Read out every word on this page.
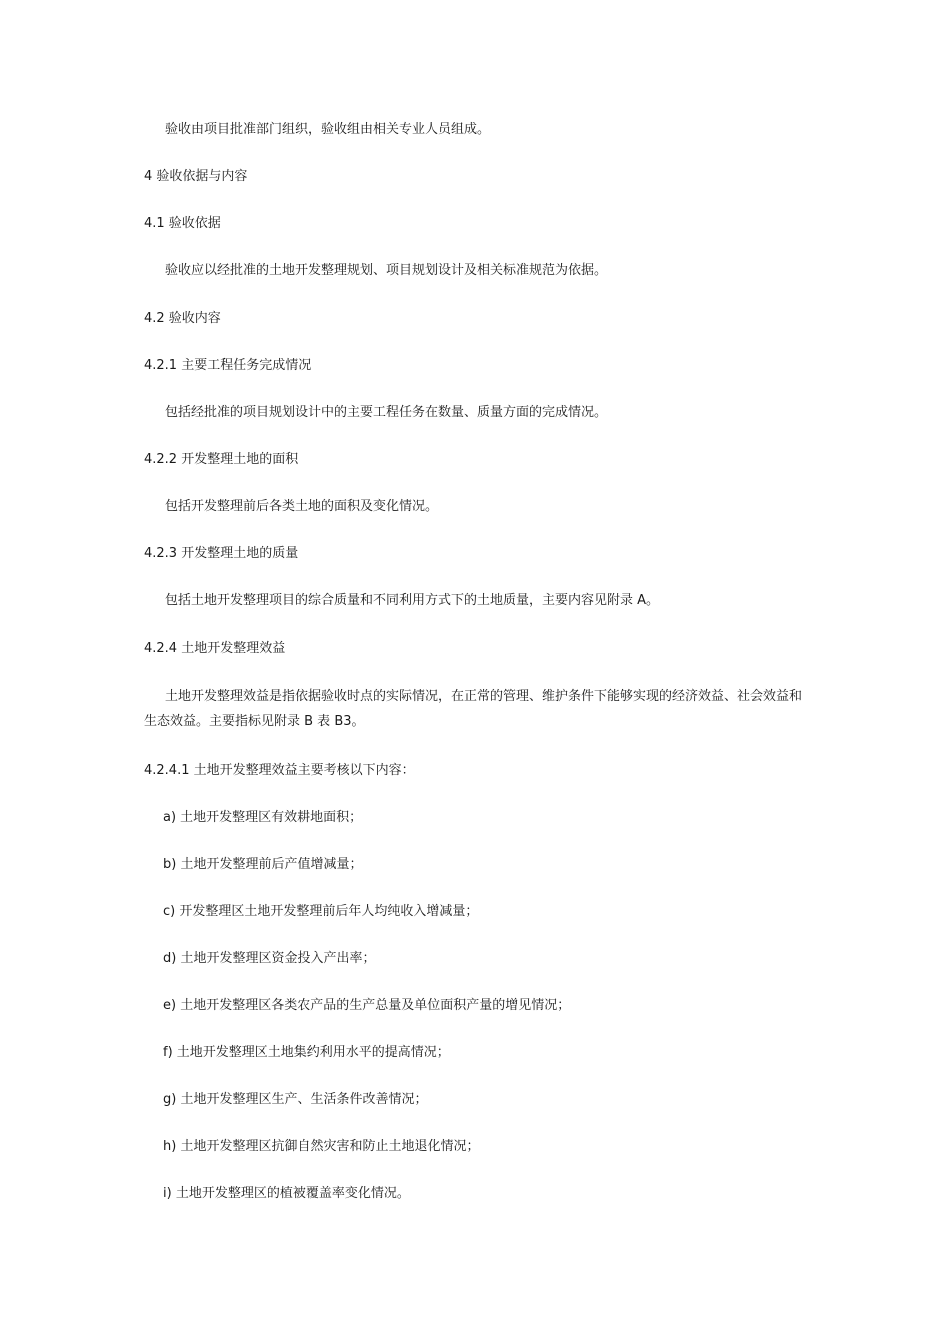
验收由项目批准部门组织，验收组由相关专业人员组成。

4 验收依据与内容

4.1 验收依据

验收应以经批准的土地开发整理规划、项目规划设计及相关标准规范为依据。

4.2 验收内容

4.2.1 主要工程任务完成情况

包括经批准的项目规划设计中的主要工程任务在数量、质量方面的完成情况。

4.2.2 开发整理土地的面积

包括开发整理前后各类土地的面积及变化情况。

4.2.3 开发整理土地的质量

包括土地开发整理项目的综合质量和不同利用方式下的土地质量，主要内容见附录 A。

4.2.4 土地开发整理效益

土地开发整理效益是指依据验收时点的实际情况，在正常的管理、维护条件下能够实现的经济效益、社会效益和生态效益。主要指标见附录 B 表 B3。

4.2.4.1 土地开发整理效益主要考核以下内容：

a) 土地开发整理区有效耕地面积；

b) 土地开发整理前后产值增减量；

c) 开发整理区土地开发整理前后年人均纯收入增减量；

d) 土地开发整理区资金投入产出率；

e) 土地开发整理区各类农产品的生产总量及单位面积产量的增见情况；

f) 土地开发整理区土地集约利用水平的提高情况；

g) 土地开发整理区生产、生活条件改善情况；

h) 土地开发整理区抗御自然灾害和防止土地退化情况；

i) 土地开发整理区的植被覆盖率变化情况。
